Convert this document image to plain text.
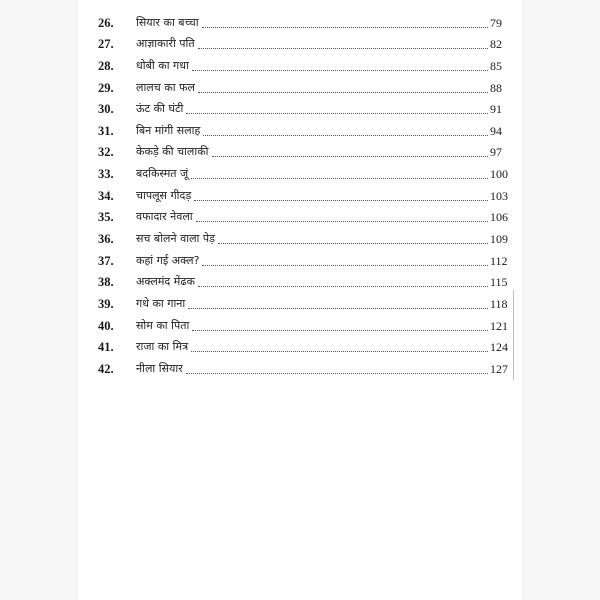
26.	सियार का बच्चा	79
27.	आज्ञाकारी पति	82
28.	धोबी का गधा	85
29.	लालच का फल	88
30.	ऊंट की घंटी	91
31.	बिन मांगी सलाह	94
32.	केकड़े की चालाकी	97
33.	बदकिस्मत जूं	100
34.	चापलूस गीदड़	103
35.	वफादार नेवला	106
36.	सच बोलने वाला पेड़	109
37.	कहां गई अक्ल?	112
38.	अक्लमंद मेंढक	115
39.	गधे का गाना	118
40.	सोम का पिता	121
41.	राजा का मित्र	124
42.	नीला सियार	127
